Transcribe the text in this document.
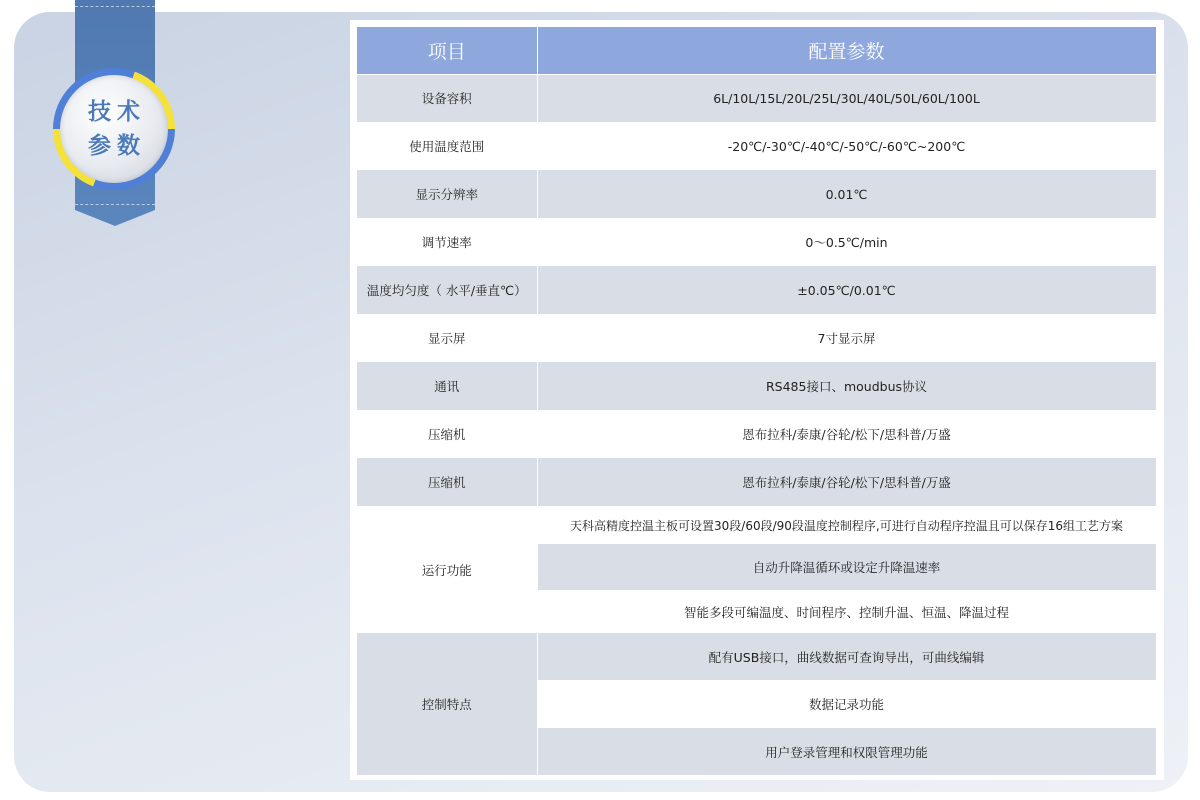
技术
参数
项目	配置参数
设备容积	6L/10L/15L/20L/25L/30L/40L/50L/60L/100L
使用温度范围	-20℃/-30℃/-40℃/-50℃/-60℃~200℃
显示分辨率	0.01℃
调节速率	0～0.5℃/min
温度均匀度（ 水平/垂直℃）	±0.05℃/0.01℃
显示屏	7寸显示屏
通讯	RS485接口、moudbus协议
压缩机	恩布拉科/泰康/谷轮/松下/思科普/万盛
压缩机	恩布拉科/泰康/谷轮/松下/思科普/万盛
运行功能	天科高精度控温主板可设置30段/60段/90段温度控制程序,可进行自动程序控温且可以保存16组工艺方案
	自动升降温循环或设定升降温速率
	智能多段可编温度、时间程序、控制升温、恒温、降温过程
控制特点	配有USB接口，曲线数据可查询导出，可曲线编辑
	数据记录功能
	用户登录管理和权限管理功能
